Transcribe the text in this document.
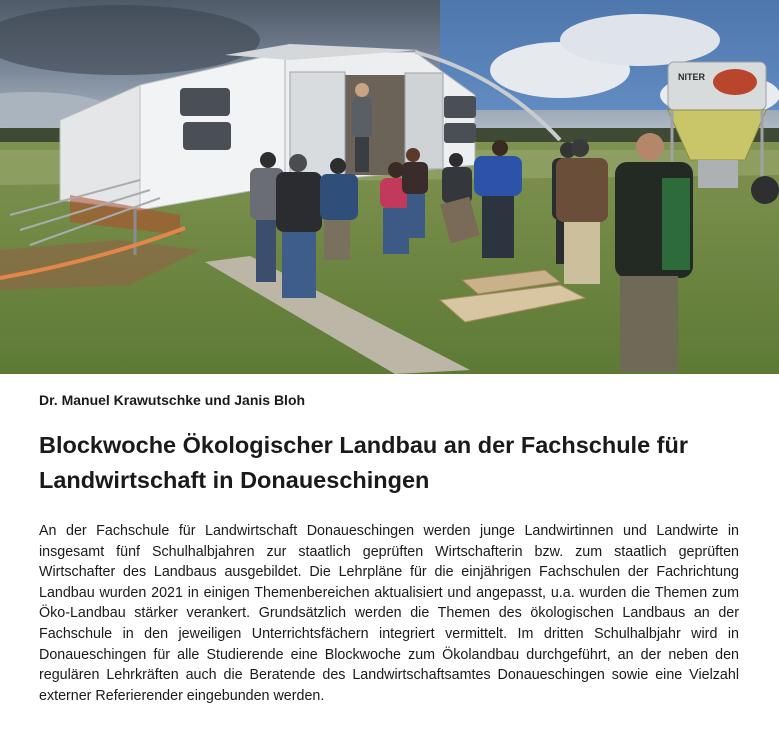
NITER
Dr. Manuel Krawutschke und Janis Bloh
Blockwoche Ökologischer Landbau an der Fachschule für Landwirtschaft in Donaueschingen

An der Fachschule für Landwirtschaft Donaueschingen werden junge Landwirtinnen und Landwirte in insgesamt fünf Schulhalbjahren zur staatlich geprüften Wirtschafterin bzw. zum staatlich geprüften Wirtschafter des Landbaus ausgebildet. Die Lehrpläne für die einjährigen Fachschulen der Fachrichtung Landbau wurden 2021 in einigen Themenbereichen aktualisiert und angepasst, u.a. wurden die Themen zum Öko-Landbau stärker verankert. Grundsätzlich werden die Themen des ökologischen Landbaus an der Fachschule in den jeweiligen Unterrichtsfächern integriert vermittelt. Im dritten Schulhalbjahr wird in Donaueschingen für alle Studierende eine Blockwoche zum Ökolandbau durchgeführt, an der neben den regulären Lehrkräften auch die Beratende des Landwirtschaftsamtes Donaueschingen sowie eine Vielzahl externer Referierender eingebunden werden.
